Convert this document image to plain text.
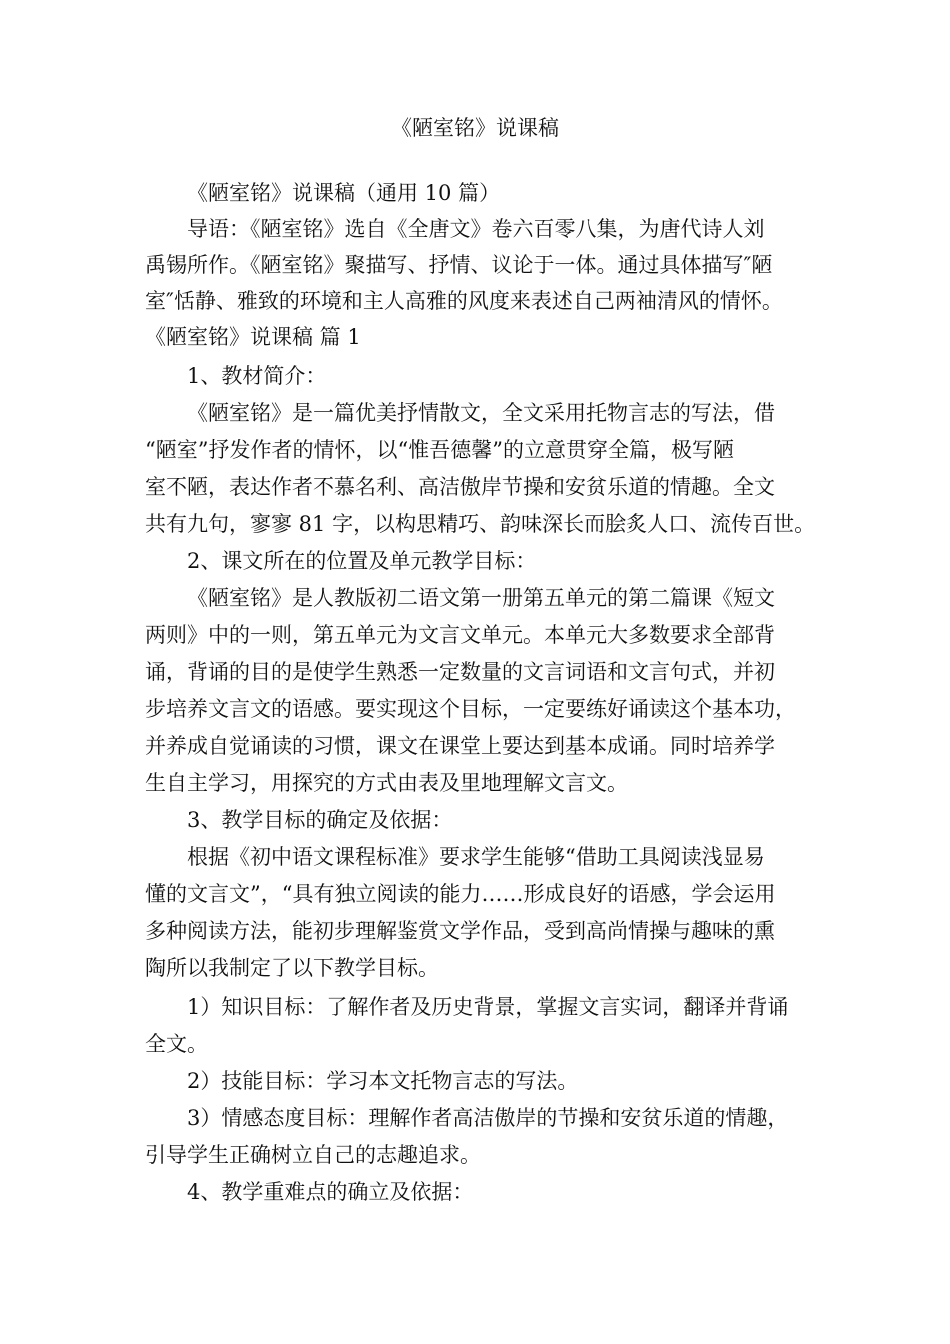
《陋室铭》说课稿
《陋室铭》说课稿（通用 10 篇）
导语：《陋室铭》选自《全唐文》卷六百零八集，为唐代诗人刘
禹锡所作。《陋室铭》聚描写、抒情、议论于一体。通过具体描写″陋
室″恬静、雅致的环境和主人高雅的风度来表述自己两袖清风的情怀。
《陋室铭》说课稿 篇 1
1、教材简介：
《陋室铭》是一篇优美抒情散文，全文采用托物言志的写法，借
“陋室”抒发作者的情怀，以“惟吾德馨”的立意贯穿全篇，极写陋
室不陋，表达作者不慕名利、高洁傲岸节操和安贫乐道的情趣。全文
共有九句，寥寥 81 字，以构思精巧、韵味深长而脍炙人口、流传百世。
2、课文所在的位置及单元教学目标：
《陋室铭》是人教版初二语文第一册第五单元的第二篇课《短文
两则》中的一则，第五单元为文言文单元。本单元大多数要求全部背
诵，背诵的目的是使学生熟悉一定数量的文言词语和文言句式，并初
步培养文言文的语感。要实现这个目标，一定要练好诵读这个基本功，
并养成自觉诵读的习惯，课文在课堂上要达到基本成诵。同时培养学
生自主学习，用探究的方式由表及里地理解文言文。
3、教学目标的确定及依据：
根据《初中语文课程标准》要求学生能够“借助工具阅读浅显易
懂的文言文”，“具有独立阅读的能力……形成良好的语感，学会运用
多种阅读方法，能初步理解鉴赏文学作品，受到高尚情操与趣味的熏
陶所以我制定了以下教学目标。
1）知识目标：了解作者及历史背景，掌握文言实词，翻译并背诵
全文。
2）技能目标：学习本文托物言志的写法。
3）情感态度目标：理解作者高洁傲岸的节操和安贫乐道的情趣，
引导学生正确树立自己的志趣追求。
4、教学重难点的确立及依据：
